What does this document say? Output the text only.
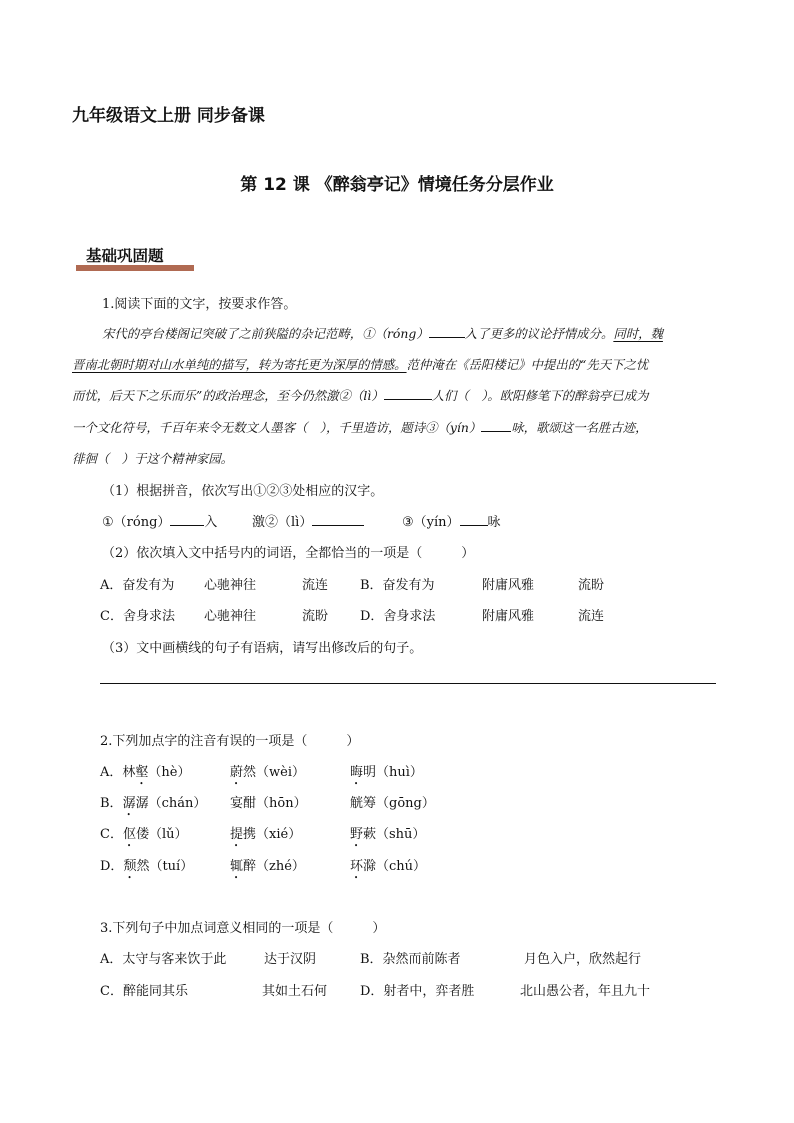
九年级语文上册 同步备课
第 12 课 《醉翁亭记》情境任务分层作业
基础巩固题
1.阅读下面的文字，按要求作答。
宋代的亭台楼阁记突破了之前狭隘的杂记范畴，①（róng）	入了更多的议论抒情成分。同时，魏
晋南北朝时期对山水单纯的描写，转为寄托更为深厚的情感。范仲淹在《岳阳楼记》中提出的“先天下之忧
而忧，后天下之乐而乐”的政治理念，至今仍然激②（lì）	人们（　）。欧阳修笔下的醉翁亭已成为
一个文化符号，千百年来令无数文人墨客（　），千里造访，题诗③（yín） 咏，歌颂这一名胜古迹，
徘徊（　）于这个精神家园。
（1）根据拼音，依次写出①②③处相应的汉字。
①（róng）	入	激②（lì）	③（yín） 咏
（2）依次填入文中括号内的词语，全都恰当的一项是（　　　）
A．奋发有为 心驰神往	流连 B．奋发有为	附庸风雅	流盼
C．舍身求法 心驰神往	流盼 D．舍身求法	附庸风雅	流连
（3）文中画横线的句子有语病，请写出修改后的句子。
2.下列加点字的注音有误的一项是（　　　）
A．林壑（hè）	蔚然（wèi）	晦明（huì）
B．潺潺（chán） 宴酣（hōn）	觥筹（gōng）
C．伛偻（lǔ）	提携（xié）	野蔌（shū）
D．颓然（tuí）	辄醉（zhé）	环滁（chú）
3.下列句子中加点词意义相同的一项是（　　　）
A．太守与客来饮于此	达于汉阴	B．杂然而前陈者	月色入户，欣然起行
C．醉能同其乐	其如土石何	D．射者中，弈者胜	北山愚公者，年且九十
